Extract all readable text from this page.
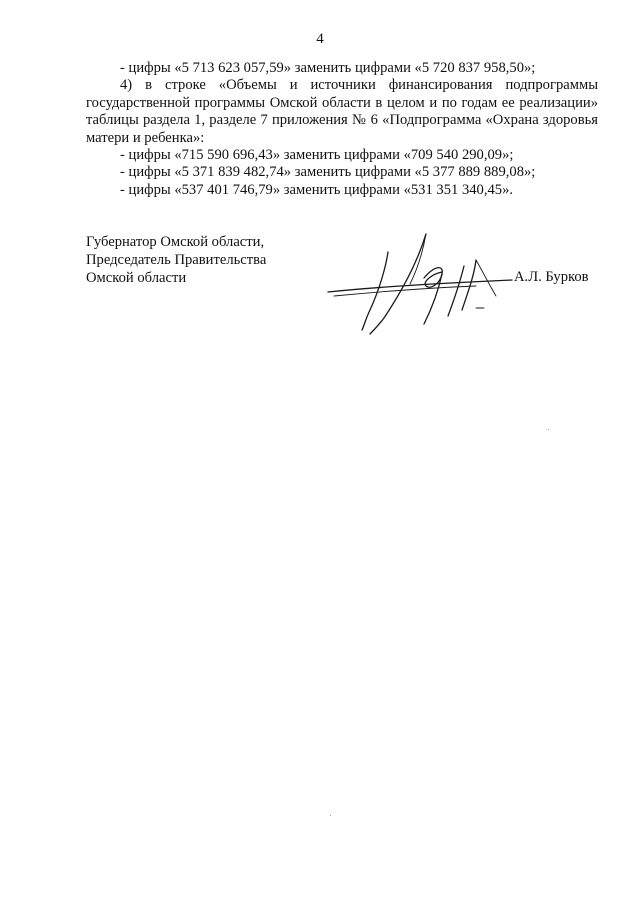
4

- цифры «5 713 623 057,59» заменить цифрами «5 720 837 958,50»;

4) в строке «Объемы и источники финансирования подпрограммы государственной программы Омской области в целом и по годам ее реализации» таблицы раздела 1, разделе 7 приложения № 6 «Подпрограмма «Охрана здоровья матери и ребенка»:

- цифры «715 590 696,43» заменить цифрами «709 540 290,09»;

- цифры «5 371 839 482,74» заменить цифрами «5 377 889 889,08»;

- цифры «537 401 746,79» заменить цифрами «531 351 340,45».

Губернатор Омской области,
Председатель Правительства
Омской области	А.Л. Бурков
